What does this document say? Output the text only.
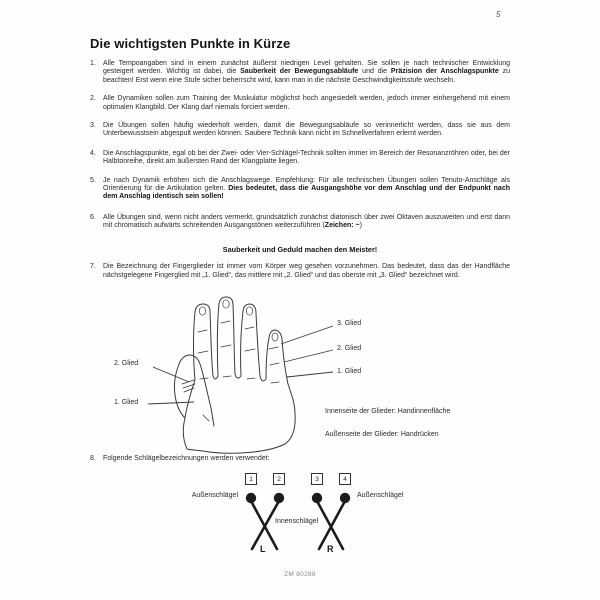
5
Die wichtigsten Punkte in Kürze
1.	Alle Tempoangaben sind in einem zunächst äußerst niedrigen Level gehalten. Sie sollen je nach technischer Entwicklung gesteigert werden. Wichtig ist dabei, die Sauberkeit der Bewegungsabläufe und die Präzision der Anschlagspunkte zu beachten! Erst wenn eine Stufe sicher beherrscht wird, kann man in die nächste Geschwindigkeitsstufe wechseln.

2.	Alle Dynamiken sollen zum Training der Muskulatur möglichst hoch angesiedelt werden, jedoch immer einhergehend mit einem optimalen Klangbild. Der Klang darf niemals forciert werden.

3.	Die Übungen sollen häufig wiederholt werden, damit die Bewegungsabläufe so verinnerlicht werden, dass sie aus dem Unterbewusstsein abgespult werden können. Saubere Technik kann nicht im Schnellverfahren erlernt werden.

4.	Die Anschlagspunkte, egal ob bei der Zwei- oder Vier-Schlägel-Technik sollten immer im Bereich der Resonanzröhren oder, bei der Halbtonreihe, direkt am äußersten Rand der Klangplatte liegen.

5.	Je nach Dynamik erhöhen sich die Anschlagswege. Empfehlung: Für alle technischen Übungen sollen Tenuto-Anschläge als Orientierung für die Artikulation gelten. Dies bedeutet, dass die Ausgangshöhe vor dem Anschlag und der Endpunkt nach dem Anschlag identisch sein sollen!

6.	Alle Übungen sind, wenn nicht anders vermerkt, grundsätzlich zunächst diatonisch über zwei Oktaven auszuweiten und erst dann mit chromatisch aufwärts schreitenden Ausgangstönen weiterzuführen (Zeichen: ~)

Sauberkeit und Geduld machen den Meister!
7.	Die Bezeichnung der Fingerglieder ist immer vom Körper weg gesehen vorzunehmen. Das bedeutet, dass das der Handfläche nächstgelegene Fingerglied mit „1. Glied“, das mittlere mit „2. Glied“ und das oberste mit „3. Glied“ bezeichnet wird.

3. Glied
2. Glied
1. Glied
2. Glied
1. Glied
Innenseite der Glieder: Handinnenfläche
Außenseite der Glieder: Handrücken
8.	Folgende Schlägelbezeichnungen werden verwendet:

1	2	3	4
Außenschlägel
Innenschlägel
Außenschlägel
L	R
ZM 80288
